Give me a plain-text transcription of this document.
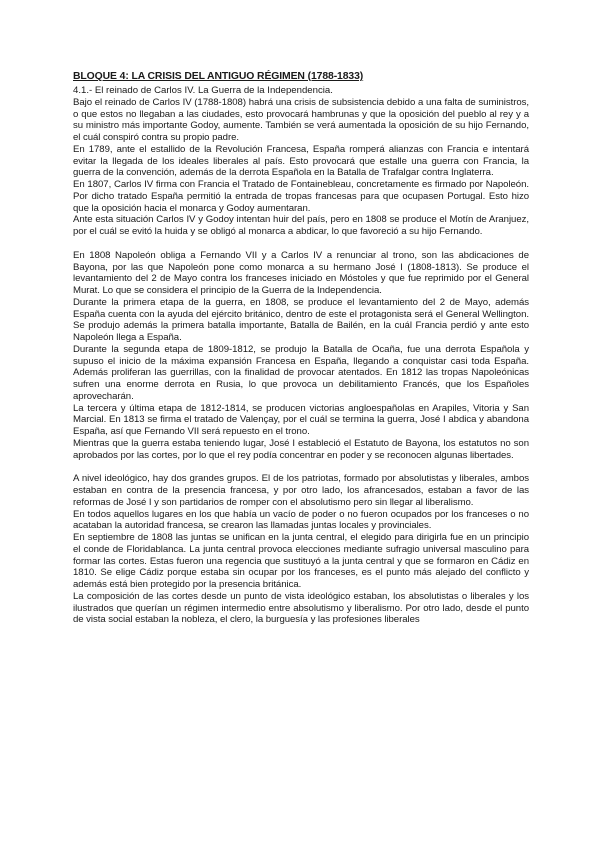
BLOQUE 4: LA CRISIS DEL ANTIGUO RÉGIMEN (1788-1833)
4.1.- El reinado de Carlos IV. La Guerra de la Independencia.

Bajo el reinado de Carlos IV (1788-1808) habrá una crisis de subsistencia debido a una falta de suministros, o que estos no llegaban a las ciudades, esto provocará hambrunas y que la oposición del pueblo al rey y a su ministro más importante Godoy, aumente. También se verá aumentada la oposición de su hijo Fernando, el cuál conspiró contra su propio padre.

En 1789, ante el estallido de la Revolución Francesa, España romperá alianzas con Francia e intentará evitar la llegada de los ideales liberales al país. Esto provocará que estalle una guerra con Francia, la guerra de la convención, además de la derrota Española en la Batalla de Trafalgar contra Inglaterra.

En 1807, Carlos IV firma con Francia el Tratado de Fontainebleau, concretamente es firmado por Napoleón. Por dicho tratado España permitió la entrada de tropas francesas para que ocupasen Portugal. Esto hizo que la oposición hacia el monarca y Godoy aumentaran.

Ante esta situación Carlos IV y Godoy intentan huir del país, pero en 1808 se produce el Motín de Aranjuez, por el cuál se evitó la huida y se obligó al monarca a abdicar, lo que favoreció a su hijo Fernando.

En 1808 Napoleón obliga a Fernando VII y a Carlos IV a renunciar al trono, son las abdicaciones de Bayona, por las que Napoleón pone como monarca a su hermano José I (1808-1813). Se produce el levantamiento del 2 de Mayo contra los franceses iniciado en Móstoles y que fue reprimido por el General Murat. Lo que se considera el principio de la Guerra de la Independencia.

Durante la primera etapa de la guerra, en 1808, se produce el levantamiento del 2 de Mayo, además España cuenta con la ayuda del ejército británico, dentro de este el protagonista será el General Wellington. Se produjo además la primera batalla importante, Batalla de Bailén, en la cuál Francia perdió y ante esto Napoleón llega a España.

Durante la segunda etapa de 1809-1812, se produjo la Batalla de Ocaña, fue una derrota Española y supuso el inicio de la máxima expansión Francesa en España, llegando a conquistar casi toda España. Además proliferan las guerrillas, con la finalidad de provocar atentados. En 1812 las tropas Napoleónicas sufren una enorme derrota en Rusia, lo que provoca un debilitamiento Francés, que los Españoles aprovecharán.

La tercera y última etapa de 1812-1814, se producen victorias angloespañolas en Arapiles, Vitoria y San Marcial. En 1813 se firma el tratado de Valençay, por el cuál se termina la guerra, José I abdica y abandona España, así que Fernando VII será repuesto en el trono.

Mientras que la guerra estaba teniendo lugar, José I estableció el Estatuto de Bayona, los estatutos no son aprobados por las cortes, por lo que el rey podía concentrar en poder y se reconocen algunas libertades.

A nivel ideológico, hay dos grandes grupos. El de los patriotas, formado por absolutistas y liberales, ambos estaban en contra de la presencia francesa, y por otro lado, los afrancesados, estaban a favor de las reformas de José I y son partidarios de romper con el absolutismo pero sin llegar al liberalismo.

En todos aquellos lugares en los que había un vacío de poder o no fueron ocupados por los franceses o no acataban la autoridad francesa, se crearon las llamadas juntas locales y provinciales.

En septiembre de 1808 las juntas se unifican en la junta central, el elegido para dirigirla fue en un principio el conde de Floridablanca. La junta central provoca elecciones mediante sufragio universal masculino para formar las cortes. Estas fueron una regencia que sustituyó a la junta central y que se formaron en Cádiz en 1810. Se elige Cádiz porque estaba sin ocupar por los franceses, es el punto más alejado del conflicto y además está bien protegido por la presencia británica.

La composición de las cortes desde un punto de vista ideológico estaban, los absolutistas o liberales y los ilustrados que querían un régimen intermedio entre absolutismo y liberalismo. Por otro lado, desde el punto de vista social estaban la nobleza, el clero, la burguesía y las profesiones liberales
